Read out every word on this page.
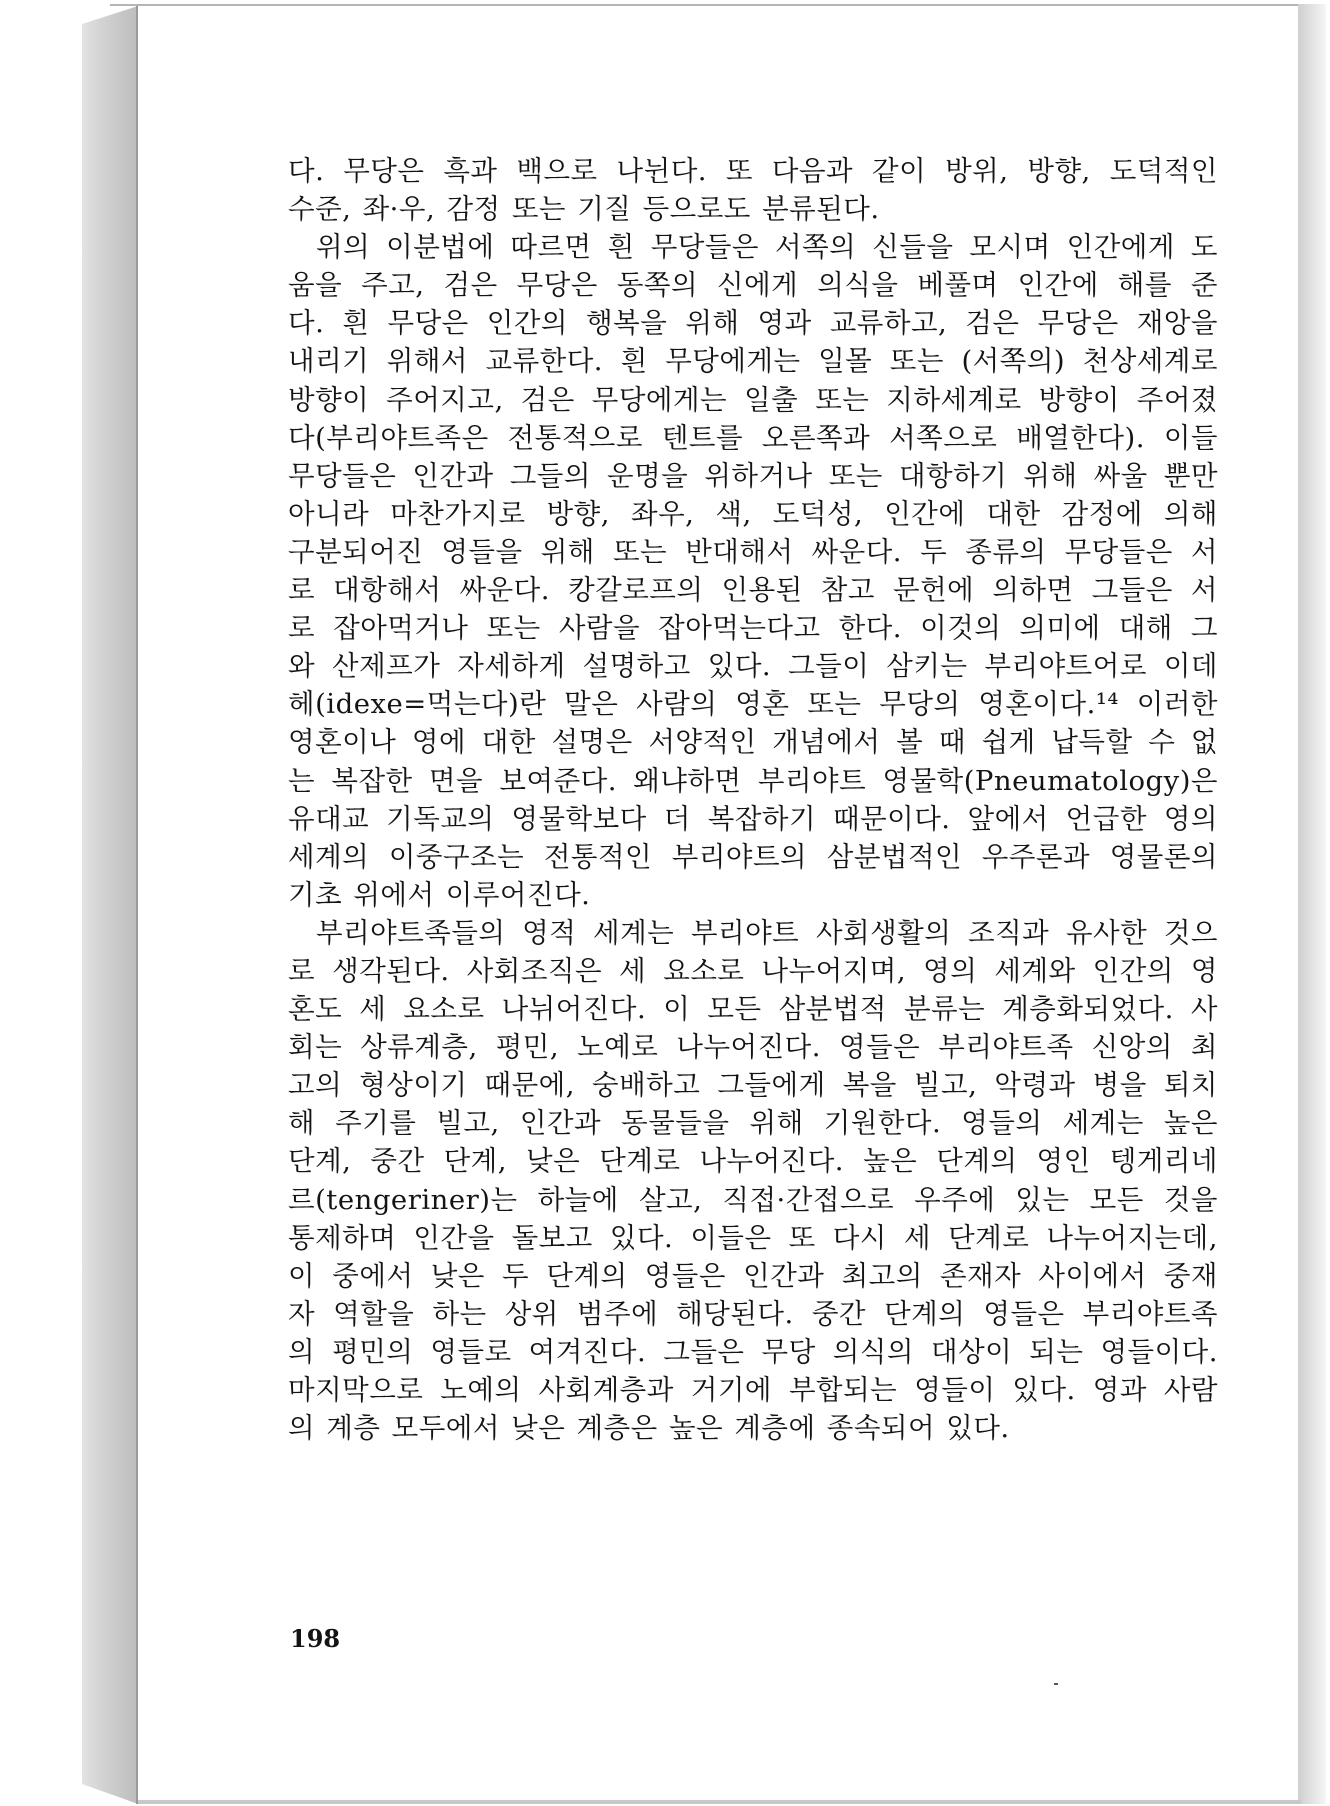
다. 무당은 흑과 백으로 나뉜다. 또 다음과 같이 방위, 방향, 도덕적인
수준, 좌·우, 감정 또는 기질 등으로도 분류된다.
위의 이분법에 따르면 흰 무당들은 서쪽의 신들을 모시며 인간에게 도
움을 주고, 검은 무당은 동쪽의 신에게 의식을 베풀며 인간에 해를 준
다. 흰 무당은 인간의 행복을 위해 영과 교류하고, 검은 무당은 재앙을
내리기 위해서 교류한다. 흰 무당에게는 일몰 또는 (서쪽의) 천상세계로
방향이 주어지고, 검은 무당에게는 일출 또는 지하세계로 방향이 주어졌
다(부리야트족은 전통적으로 텐트를 오른쪽과 서쪽으로 배열한다). 이들
무당들은 인간과 그들의 운명을 위하거나 또는 대항하기 위해 싸울 뿐만
아니라 마찬가지로 방향, 좌우, 색, 도덕성, 인간에 대한 감정에 의해
구분되어진 영들을 위해 또는 반대해서 싸운다. 두 종류의 무당들은 서
로 대항해서 싸운다. 캉갈로프의 인용된 참고 문헌에 의하면 그들은 서
로 잡아먹거나 또는 사람을 잡아먹는다고 한다. 이것의 의미에 대해 그
와 산제프가 자세하게 설명하고 있다. 그들이 삼키는 부리야트어로 이데
헤(idexe=먹는다)란 말은 사람의 영혼 또는 무당의 영혼이다.¹⁴ 이러한
영혼이나 영에 대한 설명은 서양적인 개념에서 볼 때 쉽게 납득할 수 없
는 복잡한 면을 보여준다. 왜냐하면 부리야트 영물학(Pneumatology)은
유대교 기독교의 영물학보다 더 복잡하기 때문이다. 앞에서 언급한 영의
세계의 이중구조는 전통적인 부리야트의 삼분법적인 우주론과 영물론의
기초 위에서 이루어진다.
부리야트족들의 영적 세계는 부리야트 사회생활의 조직과 유사한 것으
로 생각된다. 사회조직은 세 요소로 나누어지며, 영의 세계와 인간의 영
혼도 세 요소로 나뉘어진다. 이 모든 삼분법적 분류는 계층화되었다. 사
회는 상류계층, 평민, 노예로 나누어진다. 영들은 부리야트족 신앙의 최
고의 형상이기 때문에, 숭배하고 그들에게 복을 빌고, 악령과 병을 퇴치
해 주기를 빌고, 인간과 동물들을 위해 기원한다. 영들의 세계는 높은
단계, 중간 단계, 낮은 단계로 나누어진다. 높은 단계의 영인 텡게리네
르(tengeriner)는 하늘에 살고, 직접·간접으로 우주에 있는 모든 것을
통제하며 인간을 돌보고 있다. 이들은 또 다시 세 단계로 나누어지는데,
이 중에서 낮은 두 단계의 영들은 인간과 최고의 존재자 사이에서 중재
자 역할을 하는 상위 범주에 해당된다. 중간 단계의 영들은 부리야트족
의 평민의 영들로 여겨진다. 그들은 무당 의식의 대상이 되는 영들이다.
마지막으로 노예의 사회계층과 거기에 부합되는 영들이 있다. 영과 사람
의 계층 모두에서 낮은 계층은 높은 계층에 종속되어 있다.
198
